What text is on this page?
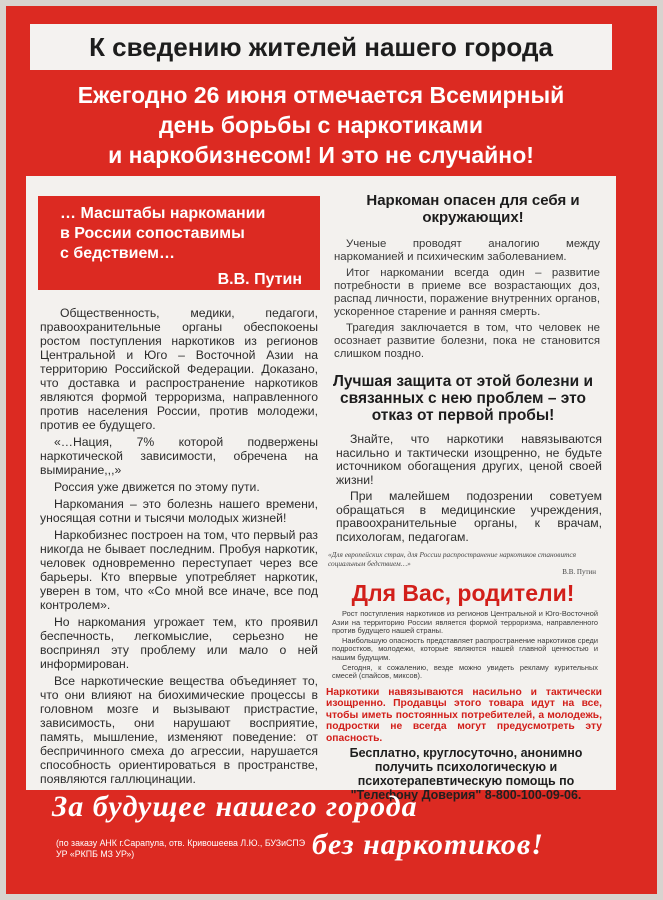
К сведению жителей нашего города
Ежегодно 26 июня отмечается Всемирный
день борьбы с наркотиками
и наркобизнесом! И это не случайно!
… Масштабы наркомании
в России сопоставимы
с бедствием…
В.В. Путин

Общественность, медики, педагоги, правоохранительные органы обеспокоены ростом поступления наркотиков из регионов Центральной и Юго – Восточной Азии на территорию Российской Федерации. Доказано, что доставка и распространение наркотиков являются формой терроризма, направленного против населения России, против молодежи, против ее будущего.

«…Нация, 7% которой подвержены наркотической зависимости, обречена на вымирание,,,»

Россия уже движется по этому пути.

Наркомания – это болезнь нашего времени, уносящая сотни и тысячи молодых жизней!

Наркобизнес построен на том, что первый раз никогда не бывает последним. Пробуя наркотик, человек одновременно переступает через все барьеры. Кто впервые употребляет наркотик, уверен в том, что «Со мной все иначе, все под контролем».

Но наркомания угрожает тем, кто проявил беспечность, легкомыслие, серьезно не воспринял эту проблему или мало о ней информирован.

Все наркотические вещества объединяет то, что они влияют на биохимические процессы в головном мозге и вызывают пристрастие, зависимость, они нарушают восприятие, память, мышление, изменяют поведение: от беспричинного смеха до агрессии, нарушается способность ориентироваться в пространстве, появляются галлюцинации.

Наркоман опасен для себя и окружающих!

Ученые проводят аналогию между наркоманией и психическим заболеванием.

Итог наркомании всегда один – развитие потребности в приеме все возрастающих доз, распад личности, поражение внутренних органов, ускоренное старение и ранняя смерть.

Трагедия заключается в том, что человек не осознает развитие болезни, пока не становится слишком поздно.

Лучшая защита от этой болезни и связанных с нею проблем – это отказ от первой пробы!

Знайте, что наркотики навязываются насильно и тактически изощренно, не будьте источником обогащения других, ценой своей жизни!

При малейшем подозрении советуем обращаться в медицинские учреждения, правоохранительные органы, к врачам, психологам, педагогам.

«Для европейских стран, для России распространение наркотиков становится социальным бедствием…»
В.В. Путин
Для Вас, родители!

Рост поступления наркотиков из регионов Центральной и Юго-Восточной Азии на территорию России является формой терроризма, направленного против будущего нашей страны.

Наибольшую опасность представляет распространение наркотиков среди подростков, молодежи, которые являются нашей главной ценностью и нашим будущим.

Сегодня, к сожалению, везде можно увидеть рекламу курительных смесей (спайсов, миксов).

Наркотики навязываются насильно и тактически изощренно. Продавцы этого товара идут на все, чтобы иметь постоянных потребителей, а молодежь, подростки не всегда могут предусмотреть эту опасность.
Бесплатно, круглосуточно, анонимно получить психологическую и психотерапевтическую помощь по "Телефону Доверия" 8-800-100-09-06.
За будущее нашего города
без наркотиков!
(по заказу АНК г.Сарапула, отв. Кривошеева Л.Ю., БУЗиСПЭ УР «РКПБ МЗ УР»)
